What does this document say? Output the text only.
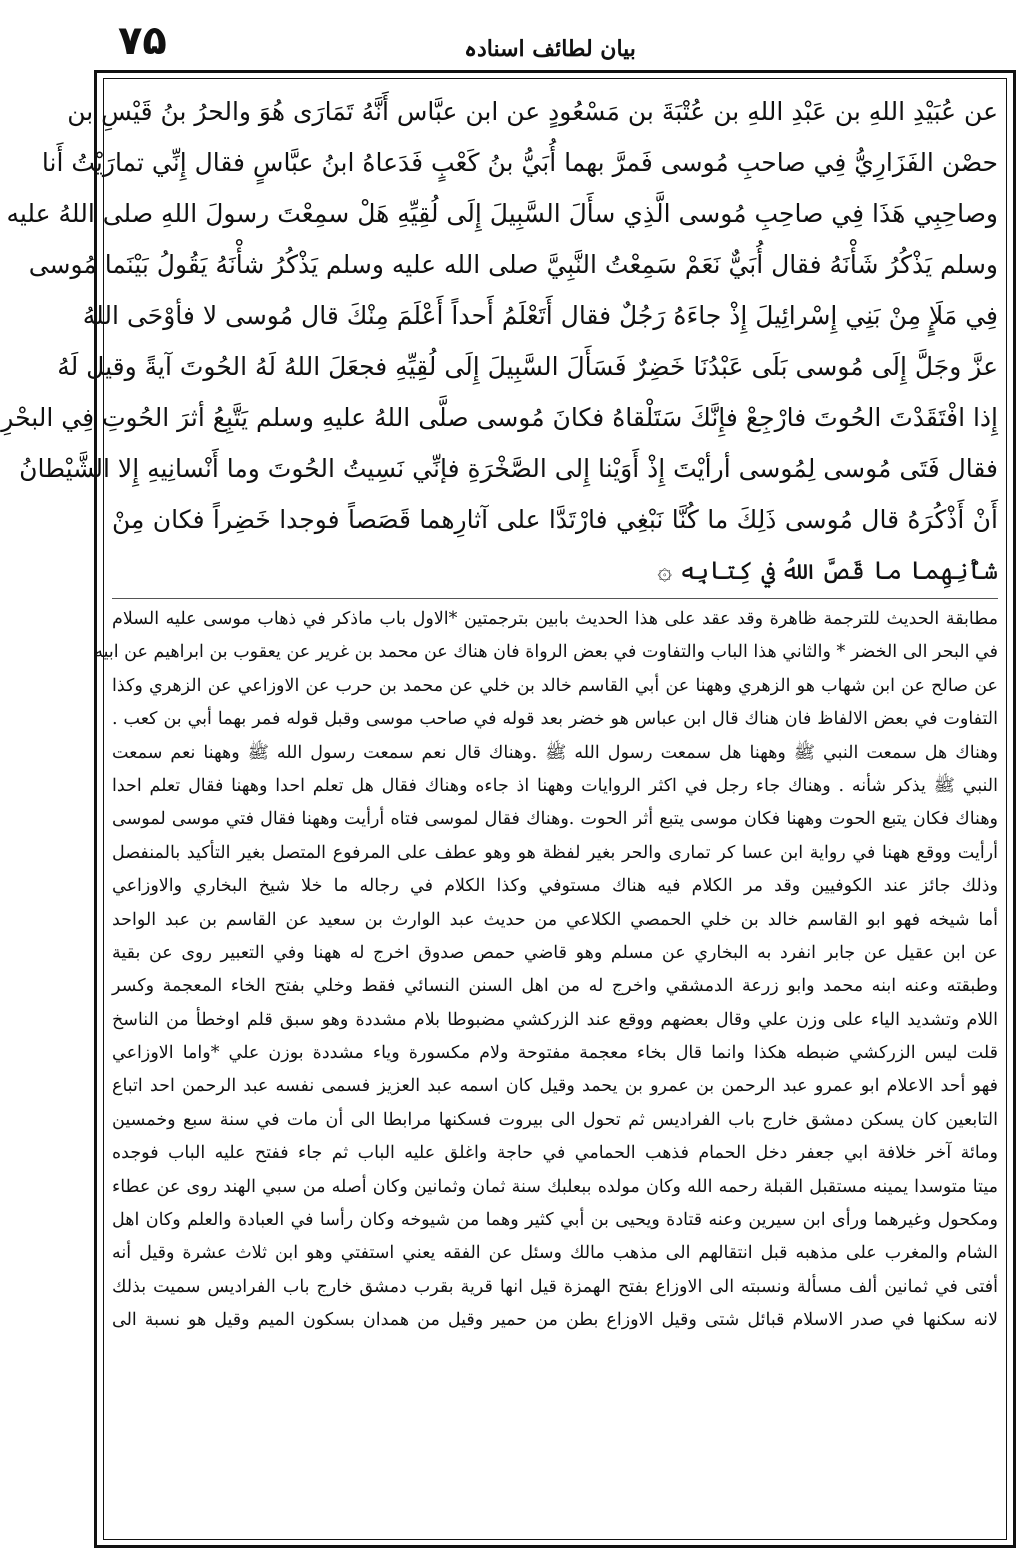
۷۵	بیان لطائف اسنادہ
عن عُبَيْدِ اللهِ بن عَبْدِ اللهِ بن عُتْبَةَ بن مَسْعُودٍ عن ابن عبَّاس أَنَّهُ تَمَارَى هُوَ والحرُ بنُ قَيْسِ بن
حصْن الفَزَارِيُّ فِي صاحبِ مُوسى فَمرَّ بهما أُبَيُّ بنُ كَعْبٍ فَدَعاهُ ابنُ عبَّاسٍ فقال إِنِّي تمارَيْتُ أَنا
وصاحِبِي هَذَا فِي صاحِبِ مُوسى الَّذِي سأَلَ السَّبِيلَ إِلَى لُقِيِّهِ هَلْ سمِعْتَ رسولَ اللهِ صلى اللهُ عليه
وسلم يَذْكُرُ شَأْنَهُ فقال أُبَيٌّ نَعَمْ سَمِعْتُ النَّبِيَّ صلى الله عليه وسلم يَذْكُرُ شأْنَهُ يَقُولُ بَيْنَما مُوسى
فِي مَلَإٍ مِنْ بَنِي إِسْرائِيلَ إِذْ جاءَهُ رَجُلٌ فقال أَتَعْلَمُ أَحداً أَعْلَمَ مِنْكَ قال مُوسى لا فأوْحَى اللهُ
عزَّ وجَلَّ إِلَى مُوسى بَلَى عَبْدُنَا خَضِرٌ فَسَأَلَ السَّبِيلَ إِلَى لُقِيِّهِ فجعَلَ اللهُ لَهُ الحُوتَ آيةً وقيل لَهُ
إِذا افْتَقَدْتَ الحُوتَ فارْجِعْ فإِنَّكَ سَتَلْقاهُ فكانَ مُوسى صلَّى اللهُ عليهِ وسلم يَتَّبِعُ أثرَ الحُوتِ فِي البحْرِ
فقال فَتَى مُوسى لِمُوسى أرأيْتَ إِذْ أَوَيْنا إِلى الصَّخْرَةِ فإنِّي نَسِيتُ الحُوتَ وما أَنْسانِيهِ إِلا الشَّيْطانُ
أَنْ أَذْكُرَهُ قال مُوسى ذَلِكَ ما كُنَّا نَبْغِي فارْتَدَّا على آثارِهما قَصَصاً فوجدا خَضِراً فكان مِنْ
شأْنِهِما ما قَصَّ اللهُ في كِتابِه ۞
مطابقة الحديث للترجمة ظاهرة وقد عقد على هذا الحديث بابين بترجمتين *الاول باب ماذكر في ذهاب موسى عليه السلام
في البحر الى الخضر * والثاني هذا الباب والتفاوت في بعض الرواة فان هناك عن محمد بن غرير عن يعقوب بن ابراهيم عن ابيه
عن صالح عن ابن شهاب هو الزهري وههنا عن أبي القاسم خالد بن خلي عن محمد بن حرب عن الاوزاعي عن الزهري وكذا
التفاوت في بعض الالفاظ فان هناك قال ابن عباس هو خضر بعد قوله في صاحب موسى وقبل قوله فمر بهما أبي بن كعب .
وهناك هل سمعت النبي ﷺ وههنا هل سمعت رسول الله ﷺ .وهناك قال نعم سمعت رسول الله ﷺ وههنا نعم سمعت
النبي ﷺ يذكر شأنه . وهناك جاء رجل في اكثر الروايات وههنا اذ جاءه وهناك فقال هل تعلم احدا وههنا فقال تعلم احدا
وهناك فكان يتبع الحوت وههنا فكان موسى يتبع أثر الحوت .وهناك فقال لموسى فتاه أرأيت وههنا فقال فتي موسى لموسى
أرأيت ووقع ههنا في رواية ابن عسا كر تمارى والحر بغير لفظة هو وهو عطف على المرفوع المتصل بغير التأكيد بالمنفصل
وذلك جائز عند الكوفيين وقد مر الكلام فيه هناك مستوفي وكذا الكلام في رجاله ما خلا شيخ البخاري والاوزاعي
أما شيخه فهو ابو القاسم خالد بن خلي الحمصي الكلاعي من حديث عبد الوارث بن سعيد عن القاسم بن عبد الواحد
عن ابن عقيل عن جابر انفرد به البخاري عن مسلم وهو قاضي حمص صدوق اخرج له ههنا وفي التعبير روى عن بقية
وطبقته وعنه ابنه محمد وابو زرعة الدمشقي واخرج له من اهل السنن النسائي فقط وخلي بفتح الخاء المعجمة وكسر
اللام وتشديد الياء على وزن علي وقال بعضهم ووقع عند الزركشي مضبوطا بلام مشددة وهو سبق قلم اوخطأ من الناسخ
قلت ليس الزركشي ضبطه هكذا وانما قال بخاء معجمة مفتوحة ولام مكسورة وياء مشددة بوزن علي *واما الاوزاعي
فهو أحد الاعلام ابو عمرو عبد الرحمن بن عمرو بن يحمد وقيل كان اسمه عبد العزيز فسمى نفسه عبد الرحمن احد اتباع
التابعين كان يسكن دمشق خارج باب الفراديس ثم تحول الى بيروت فسكنها مرابطا الى أن مات في سنة سبع وخمسين
ومائة آخر خلافة ابي جعفر دخل الحمام فذهب الحمامي في حاجة واغلق عليه الباب ثم جاء ففتح عليه الباب فوجده
ميتا متوسدا يمينه مستقبل القبلة رحمه الله وكان مولده ببعلبك سنة ثمان وثمانين وكان أصله من سبي الهند روى عن عطاء
ومكحول وغيرهما ورأى ابن سيرين وعنه قتادة ويحيى بن أبي كثير وهما من شيوخه وكان رأسا في العبادة والعلم وكان اهل
الشام والمغرب على مذهبه قبل انتقالهم الى مذهب مالك وسئل عن الفقه يعني استفتي وهو ابن ثلاث عشرة وقيل أنه
أفتى في ثمانين ألف مسألة ونسبته الى الاوزاع بفتح الهمزة قيل انها قرية بقرب دمشق خارج باب الفراديس سميت بذلك
لانه سكنها في صدر الاسلام قبائل شتى وقيل الاوزاع بطن من حمير وقيل من همدان بسكون الميم وقيل هو نسبة الى
